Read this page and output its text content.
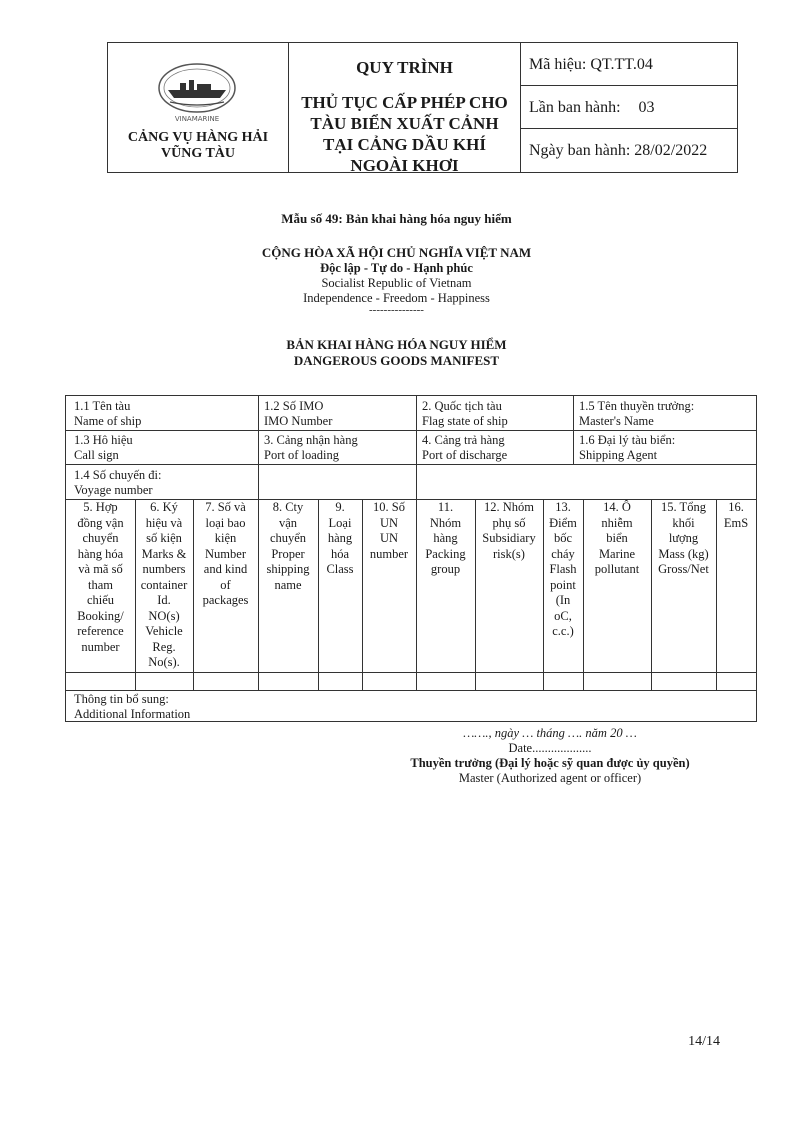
VINAMARINE
CẢNG VỤ HÀNG HẢI
VŨNG TÀU
QUY TRÌNH
THỦ TỤC CẤP PHÉP CHO
TÀU BIỂN XUẤT CẢNH
TẠI CẢNG DẦU KHÍ
NGOÀI KHƠI
Mã hiệu: QT.TT.04
Lần ban hành: 03
Ngày ban hành: 28/02/2022
Mẫu số 49: Bản khai hàng hóa nguy hiểm
CỘNG HÒA XÃ HỘI CHỦ NGHĨA VIỆT NAM
Độc lập - Tự do - Hạnh phúc
Socialist Republic of Vietnam
Independence - Freedom - Happiness
---------------
BẢN KHAI HÀNG HÓA NGUY HIỂM
DANGEROUS GOODS MANIFEST
1.1 Tên tàu
Name of ship
1.2 Số IMO
IMO Number
2. Quốc tịch tàu
Flag state of ship
1.5 Tên thuyền trưởng:
Master's Name
1.3 Hô hiệu
Call sign
3. Cảng nhận hàng
Port of loading
4. Cảng trả hàng
Port of discharge
1.6 Đại lý tàu biển:
Shipping Agent
1.4 Số chuyến đi:
Voyage number
5. Hợp
đồng vận
chuyển
hàng hóa
và mã số
tham
chiếu
Booking/
reference
number
6. Ký
hiệu và
số kiện
Marks &
numbers
container
Id.
NO(s)
Vehicle
Reg.
No(s).
7. Số và
loại bao
kiện
Number
and kind
of
packages
8. Cty
vận
chuyển
Proper
shipping
name
9.
Loại
hàng
hóa
Class
10. Số
UN
UN
number
11.
Nhóm
hàng
Packing
group
12. Nhóm
phụ số
Subsidiary
risk(s)
13.
Điểm
bốc
cháy
Flash
point
(In
oC,
c.c.)
14. Ô
nhiễm
biển
Marine
pollutant
15. Tổng
khối
lượng
Mass (kg)
Gross/Net
16.
EmS
Thông tin bổ sung:
Additional Information
……., ngày … tháng …. năm 20 …
Date...................
Thuyền trưởng (Đại lý hoặc sỹ quan được ủy quyền)
Master (Authorized agent or officer)
14/14
